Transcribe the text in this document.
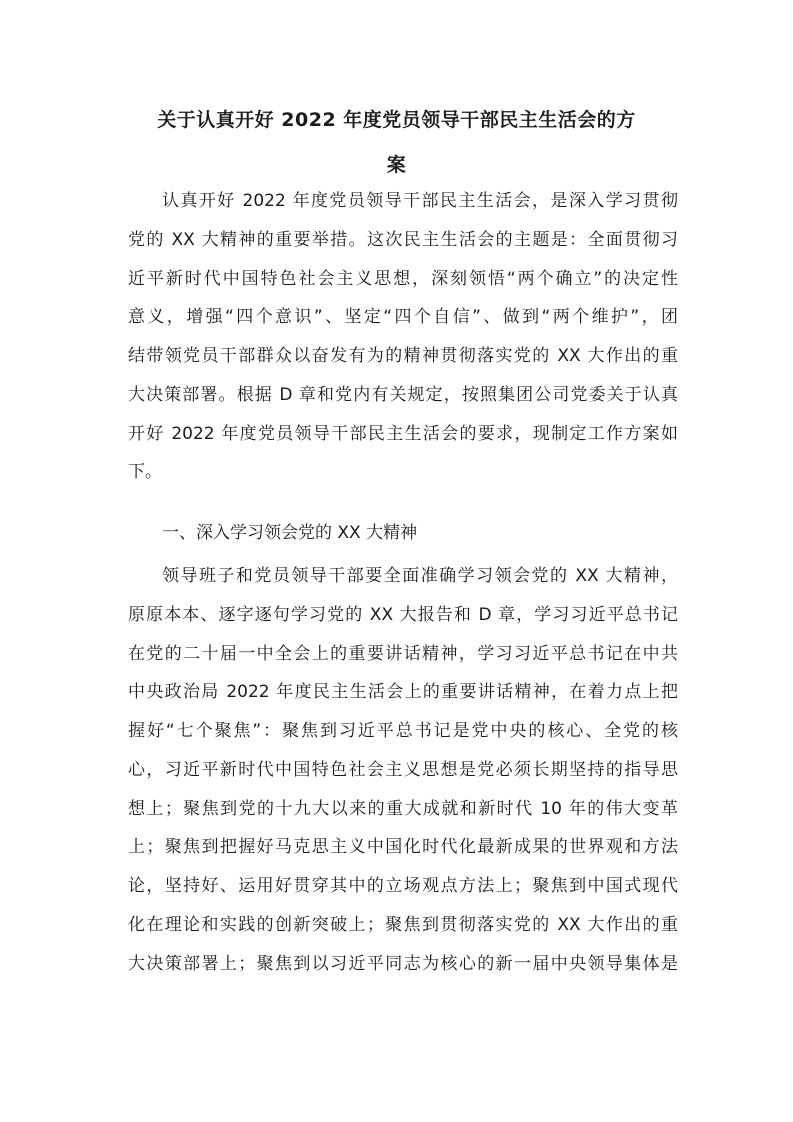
关于认真开好 2022 年度党员领导干部民主生活会的方
案
认真开好 2022 年度党员领导干部民主生活会，是深入学习贯彻
党的 XX 大精神的重要举措。这次民主生活会的主题是：全面贯彻习
近平新时代中国特色社会主义思想，深刻领悟“两个确立”的决定性
意义，增强“四个意识”、坚定“四个自信”、做到“两个维护”，团
结带领党员干部群众以奋发有为的精神贯彻落实党的 XX 大作出的重
大决策部署。根据 D 章和党内有关规定，按照集团公司党委关于认真
开好 2022 年度党员领导干部民主生活会的要求，现制定工作方案如
下。
一、深入学习领会党的 XX 大精神
领导班子和党员领导干部要全面准确学习领会党的 XX 大精神，
原原本本、逐字逐句学习党的 XX 大报告和 D 章，学习习近平总书记
在党的二十届一中全会上的重要讲话精神，学习习近平总书记在中共
中央政治局 2022 年度民主生活会上的重要讲话精神，在着力点上把
握好“七个聚焦”：聚焦到习近平总书记是党中央的核心、全党的核
心，习近平新时代中国特色社会主义思想是党必须长期坚持的指导思
想上；聚焦到党的十九大以来的重大成就和新时代 10 年的伟大变革
上；聚焦到把握好马克思主义中国化时代化最新成果的世界观和方法
论，坚持好、运用好贯穿其中的立场观点方法上；聚焦到中国式现代
化在理论和实践的创新突破上；聚焦到贯彻落实党的 XX 大作出的重
大决策部署上；聚焦到以习近平同志为核心的新一届中央领导集体是
